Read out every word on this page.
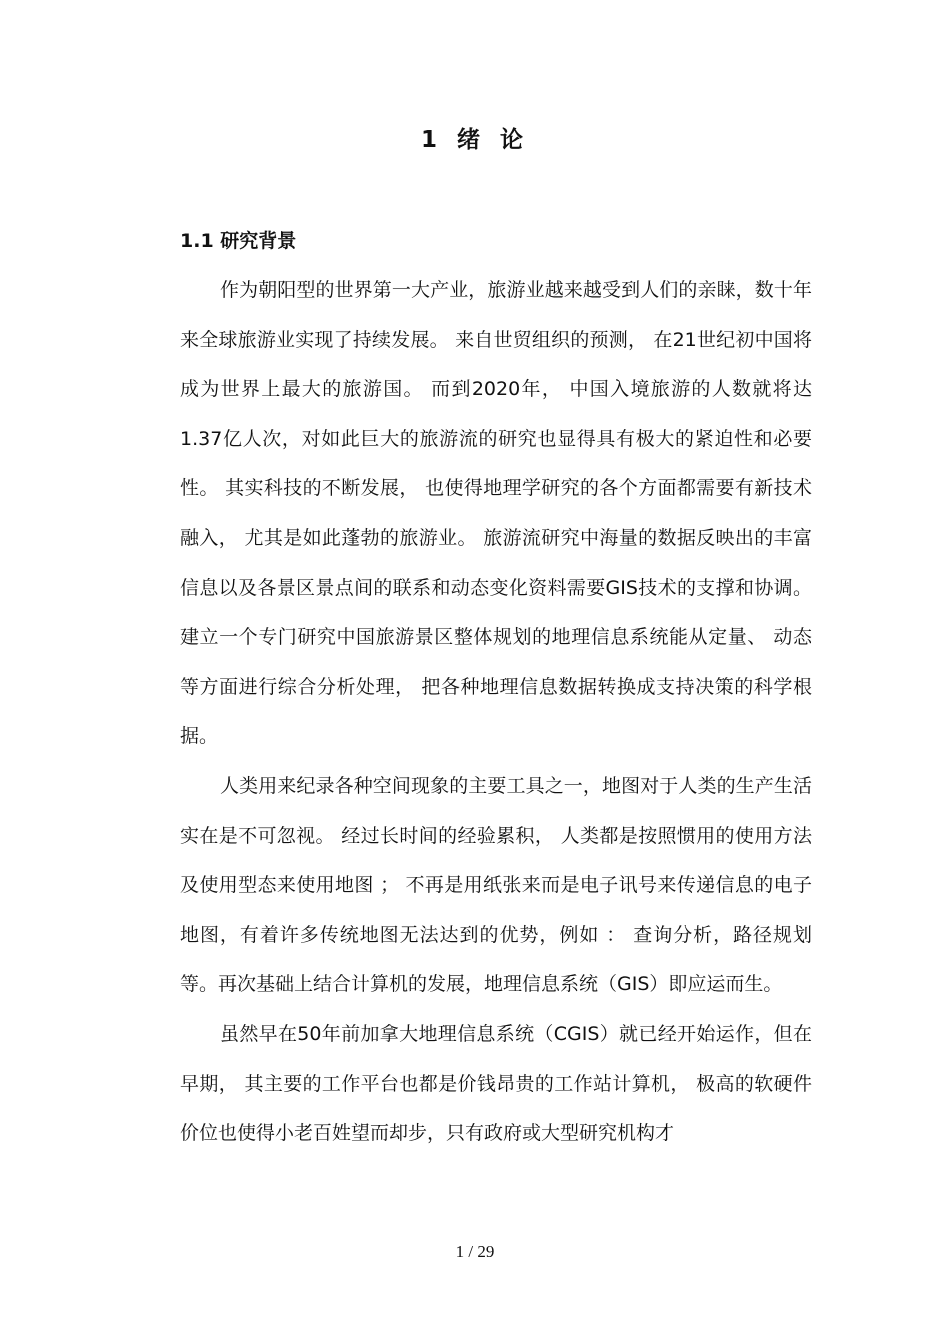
1 绪 论
1.1 研究背景

作为朝阳型的世界第一大产业，旅游业越来越受到人们的亲睐，数十年来全球旅游业实现了持续发展。 来自世贸组织的预测， 在21世纪初中国将成为世界上最大的旅游国。 而到2020年， 中国入境旅游的人数就将达1.37亿人次，对如此巨大的旅游流的研究也显得具有极大的紧迫性和必要性。 其实科技的不断发展， 也使得地理学研究的各个方面都需要有新技术融入， 尤其是如此蓬勃的旅游业。 旅游流研究中海量的数据反映出的丰富信息以及各景区景点间的联系和动态变化资料需要GIS技术的支撑和协调。建立一个专门研究中国旅游景区整体规划的地理信息系统能从定量、 动态等方面进行综合分析处理， 把各种地理信息数据转换成支持决策的科学根据。

人类用来纪录各种空间现象的主要工具之一，地图对于人类的生产生活实在是不可忽视。 经过长时间的经验累积， 人类都是按照惯用的使用方法及使用型态来使用地图 ； 不再是用纸张来而是电子讯号来传递信息的电子地图，有着许多传统地图无法达到的优势，例如 ： 查询分析，路径规划等。再次基础上结合计算机的发展，地理信息系统（GIS）即应运而生。

虽然早在50年前加拿大地理信息系统（CGIS）就已经开始运作，但在早期， 其主要的工作平台也都是价钱昂贵的工作站计算机， 极高的软硬件价位也使得小老百姓望而却步，只有政府或大型研究机构才

1 / 29
